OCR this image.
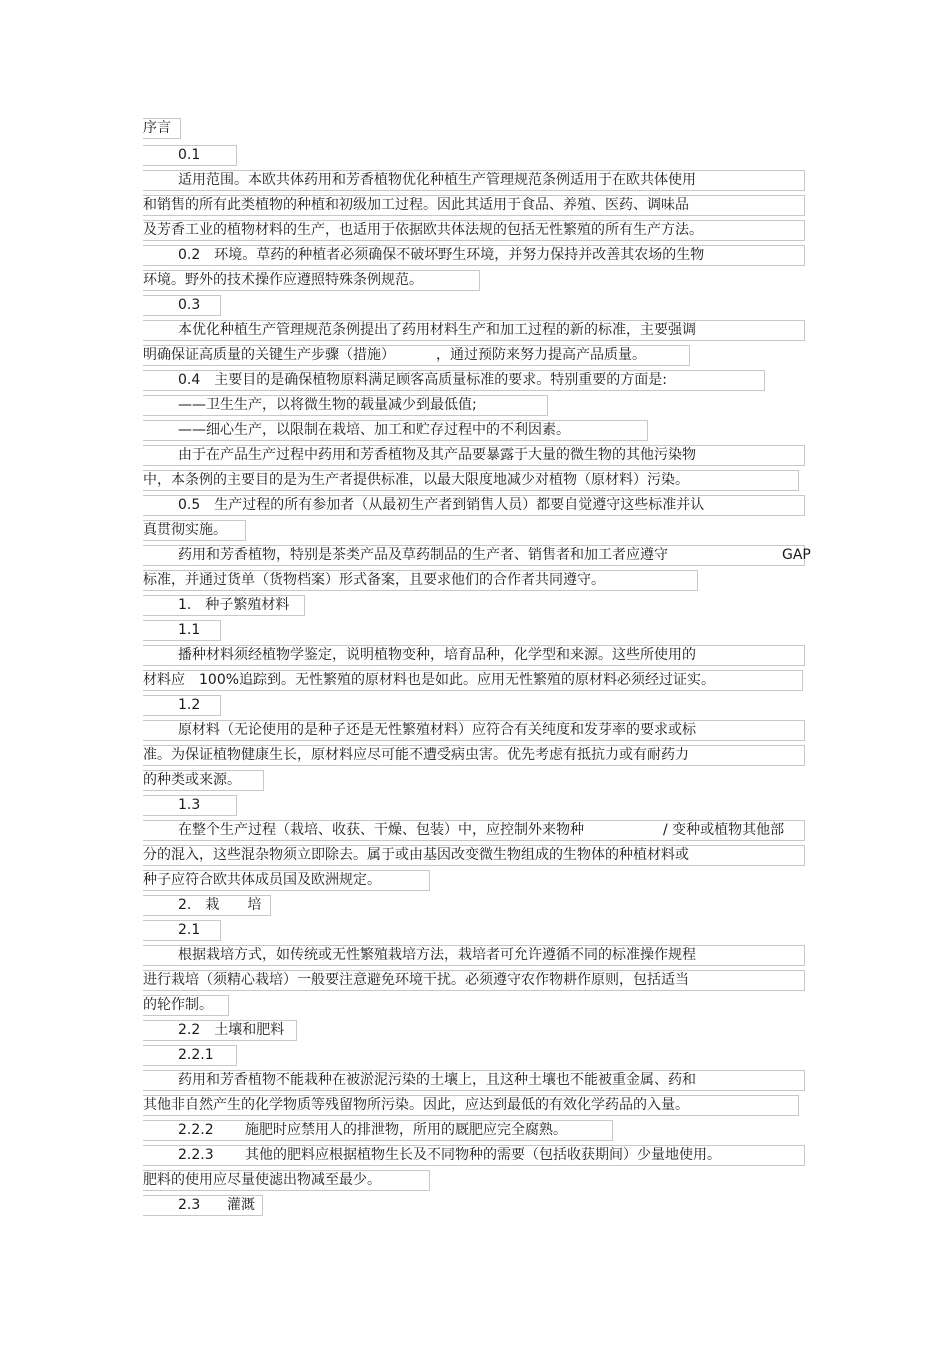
序言
0.1
适用范围。本欧共体药用和芳香植物优化种植生产管理规范条例适用于在欧共体使用
和销售的所有此类植物的种植和初级加工过程。因此其适用于食品、养殖、医药、调味品
及芳香工业的植物材料的生产，也适用于依据欧共体法规的包括无性繁殖的所有生产方法。
0.2　环境。草药的种植者必须确保不破坏野生环境，并努力保持并改善其农场的生物
环境。野外的技术操作应遵照特殊条例规范。
0.3
本优化种植生产管理规范条例提出了药用材料生产和加工过程的新的标准，主要强调
明确保证高质量的关键生产步骤（措施）	，通过预防来努力提高产品质量。
0.4　主要目的是确保植物原料满足顾客高质量标准的要求。特别重要的方面是:
——卫生生产，以将微生物的载量减少到最低值;
——细心生产，以限制在栽培、加工和贮存过程中的不利因素。
由于在产品生产过程中药用和芳香植物及其产品要暴露于大量的微生物的其他污染物
中，本条例的主要目的是为生产者提供标准，以最大限度地减少对植物（原材料）污染。
0.5　生产过程的所有参加者（从最初生产者到销售人员）都要自觉遵守这些标准并认
真贯彻实施。
药用和芳香植物，特别是茶类产品及草药制品的生产者、销售者和加工者应遵守	GAP
标准，并通过货单（货物档案）形式备案，且要求他们的合作者共同遵守。
1.　种子繁殖材料
1.1
播种材料须经植物学鉴定，说明植物变种，培育品种，化学型和来源。这些所使用的
材料应　100%追踪到。无性繁殖的原材料也是如此。应用无性繁殖的原材料必须经过证实。
1.2
原材料（无论使用的是种子还是无性繁殖材料）应符合有关纯度和发芽率的要求或标
准。为保证植物健康生长，原材料应尽可能不遭受病虫害。优先考虑有抵抗力或有耐药力
的种类或来源。
1.3
在整个生产过程（栽培、收获、干燥、包装）中，应控制外来物种	/ 变种或植物其他部
分的混入，这些混杂物须立即除去。属于或由基因改变微生物组成的生物体的种植材料或
种子应符合欧共体成员国及欧洲规定。
2.　栽　　培
2.1
根据栽培方式，如传统或无性繁殖栽培方法，栽培者可允许遵循不同的标准操作规程
进行栽培（须精心栽培）一般要注意避免环境干扰。必须遵守农作物耕作原则，包括适当
的轮作制。
2.2　土壤和肥料
2.2.1
药用和芳香植物不能栽种在被淤泥污染的土壤上，且这种土壤也不能被重金属、药和
其他非自然产生的化学物质等残留物所污染。因此，应达到最低的有效化学药品的入量。
2.2.2 施肥时应禁用人的排泄物，所用的厩肥应完全腐熟。
2.2.3 其他的肥料应根据植物生长及不同物种的需要（包括收获期间）少量地使用。
肥料的使用应尽量使滤出物减至最少。
2.3 灌溉
